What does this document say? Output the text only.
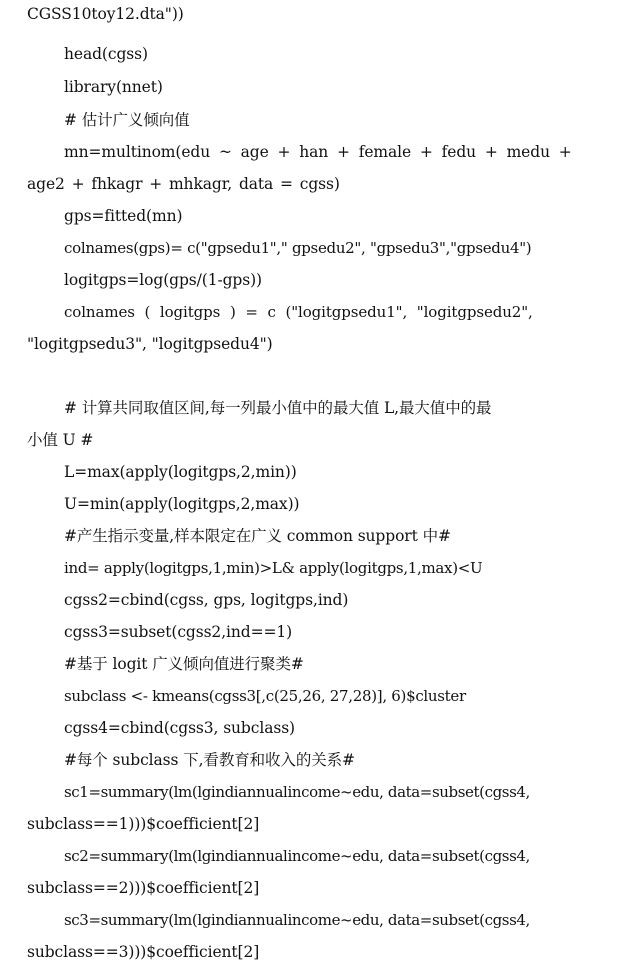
CGSS10toy12.dta"))
head(cgss)
library(nnet)
# 估计广义倾向值
mn=multinom(edu ~ age + han + female + fedu + medu +
age2 + fhkagr + mhkagr, data = cgss)
gps=fitted(mn)
colnames(gps)= c("gpsedu1"," gpsedu2", "gpsedu3","gpsedu4")
logitgps=log(gps/(1-gps))
colnames ( logitgps ) = c ("logitgpsedu1", "logitgpsedu2",
"logitgpsedu3", "logitgpsedu4")
# 计算共同取值区间,每一列最小值中的最大值 L,最大值中的最
小值 U #
L=max(apply(logitgps,2,min))
U=min(apply(logitgps,2,max))
#产生指示变量,样本限定在广义 common support 中#
ind= apply(logitgps,1,min)>L& apply(logitgps,1,max)<U
cgss2=cbind(cgss, gps, logitgps,ind)
cgss3=subset(cgss2,ind==1)
#基于 logit 广义倾向值进行聚类#
subclass <- kmeans(cgss3[,c(25,26, 27,28)], 6)$cluster
cgss4=cbind(cgss3, subclass)
#每个 subclass 下,看教育和收入的关系#
sc1=summary(lm(lgindiannualincome~edu, data=subset(cgss4,
subclass==1)))$coefficient[2]
sc2=summary(lm(lgindiannualincome~edu, data=subset(cgss4,
subclass==2)))$coefficient[2]
sc3=summary(lm(lgindiannualincome~edu, data=subset(cgss4,
subclass==3)))$coefficient[2]
